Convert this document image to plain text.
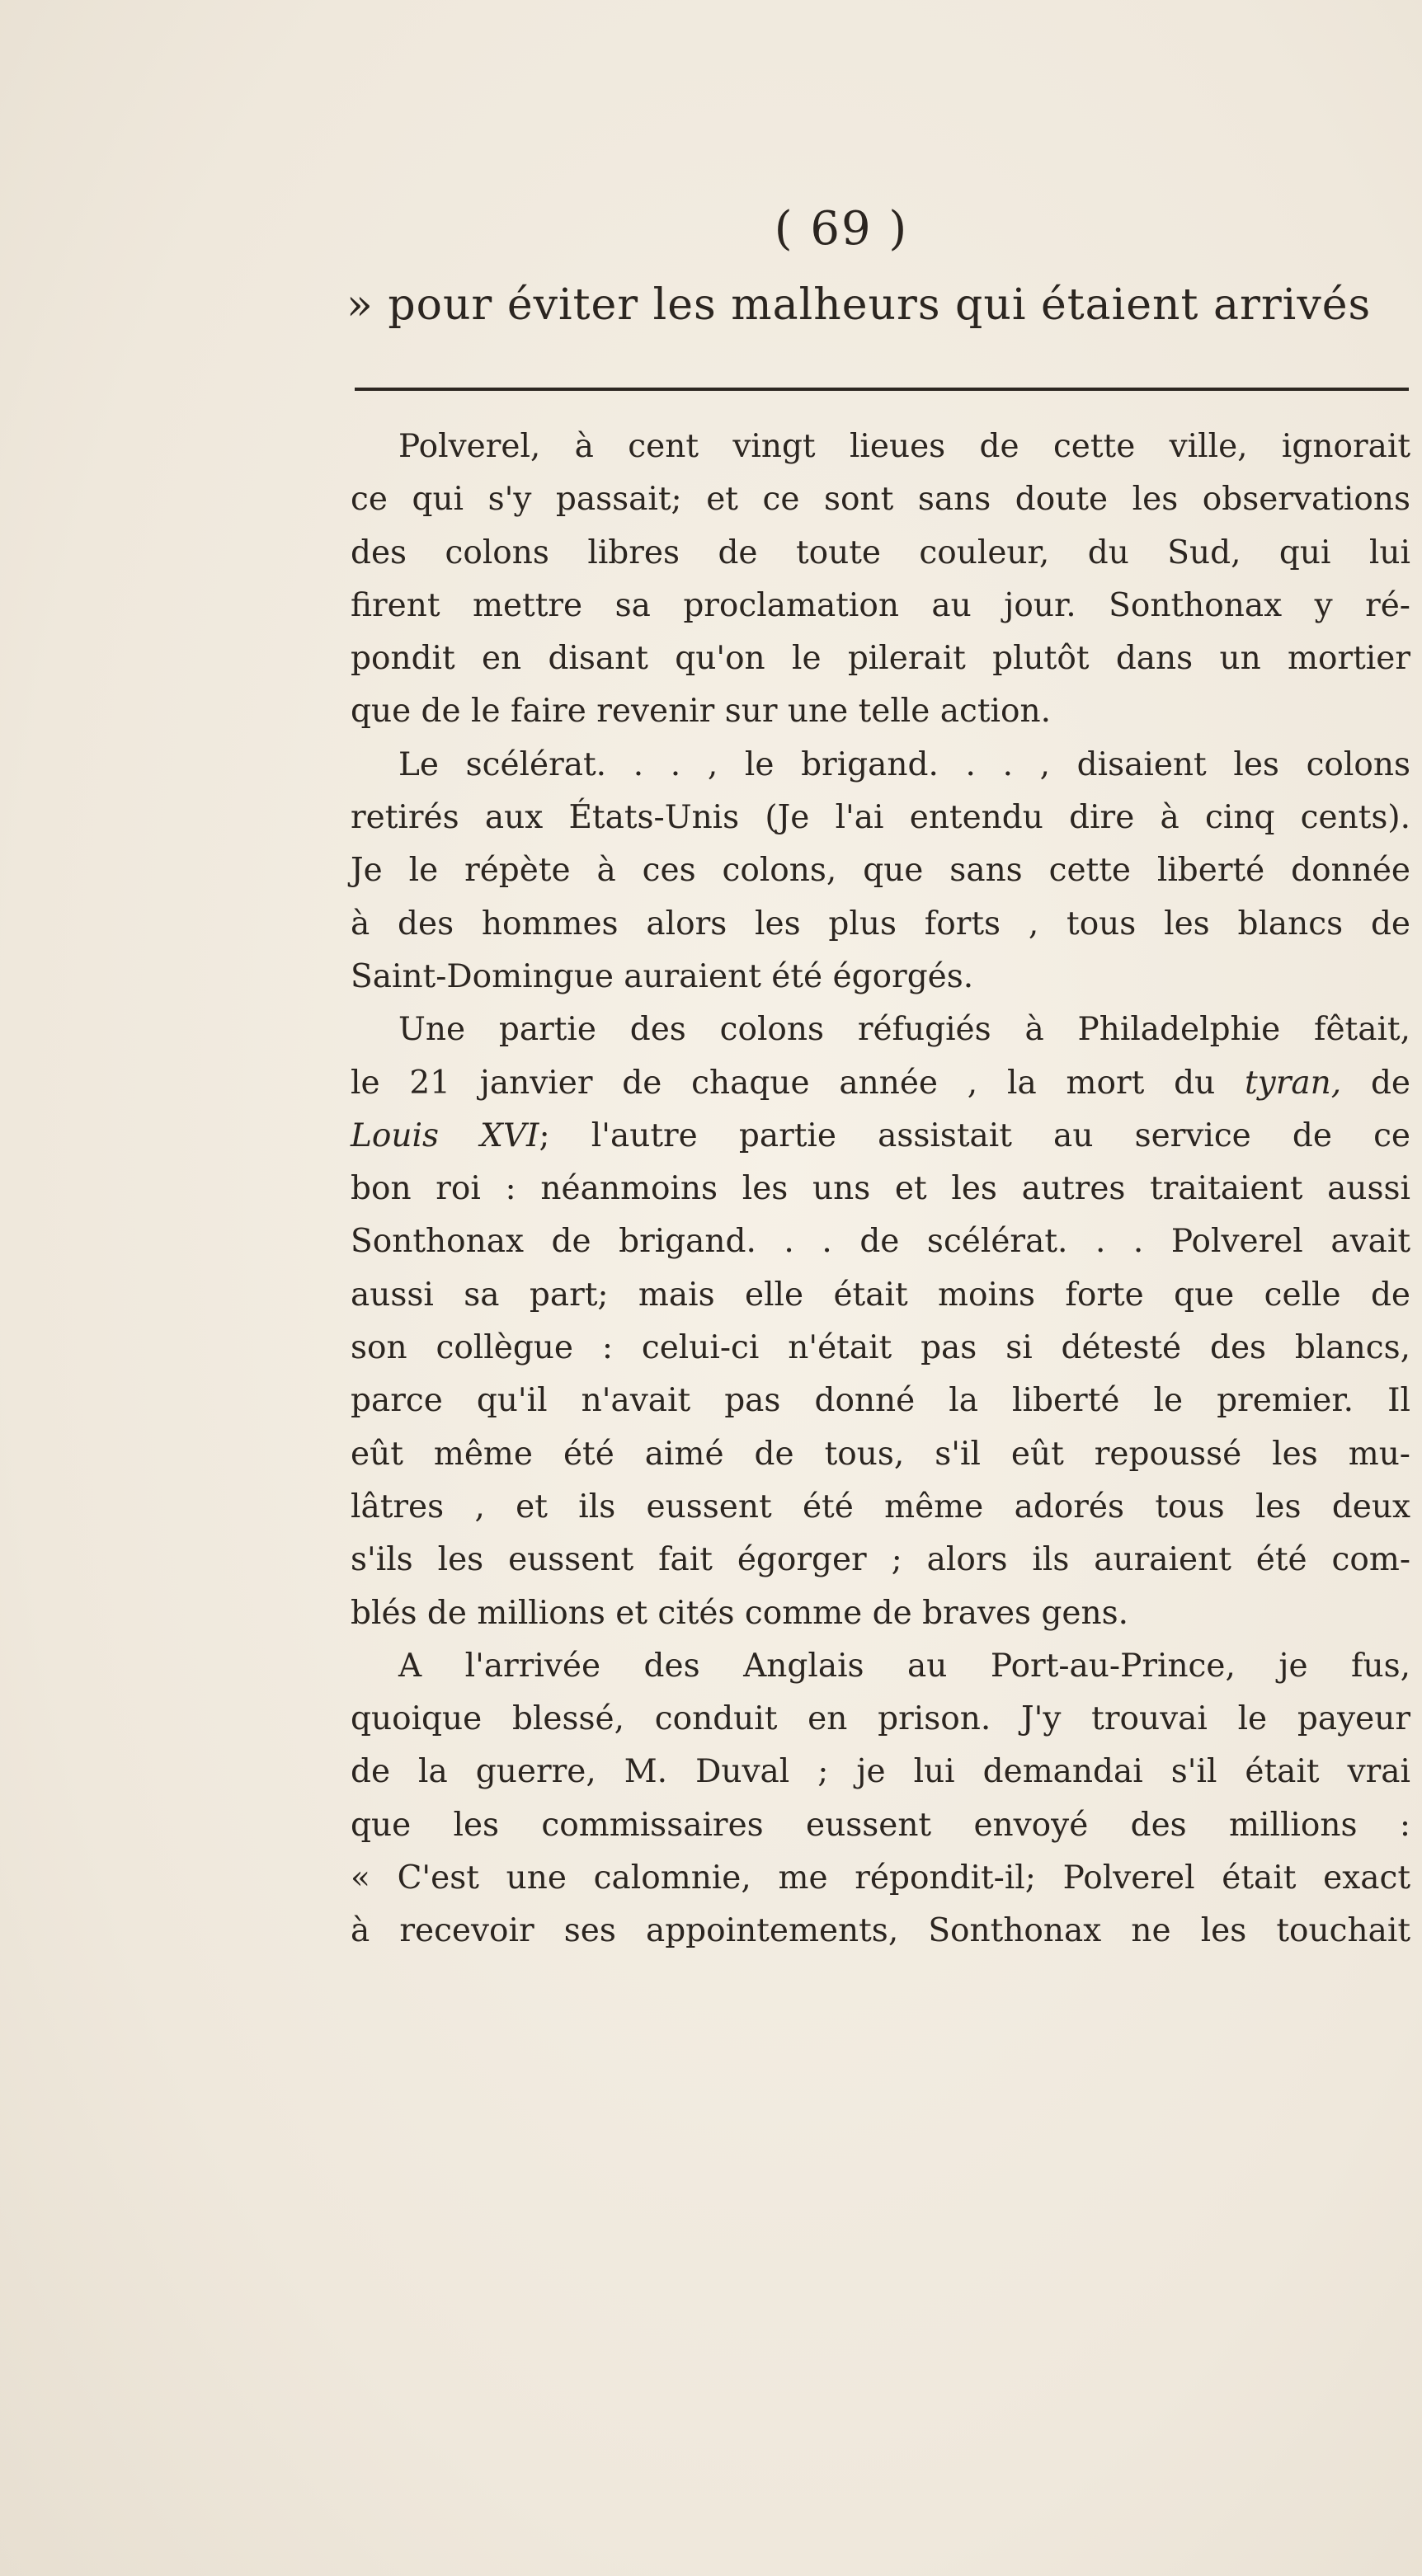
( 69 )
» pour éviter les malheurs qui étaient arrivés
Polverel, à cent vingt lieues de cette ville, ignorait
ce qui s'y passait; et ce sont sans doute les observations
des colons libres de toute couleur, du Sud, qui lui
firent mettre sa proclamation au jour. Sonthonax y ré-
pondit en disant qu'on le pilerait plutôt dans un mortier
que de le faire revenir sur une telle action.
Le scélérat. . . , le brigand. . . , disaient les colons
retirés aux États-Unis (Je l'ai entendu dire à cinq cents).
Je le répète à ces colons, que sans cette liberté donnée
à des hommes alors les plus forts , tous les blancs de
Saint-Domingue auraient été égorgés.
Une partie des colons réfugiés à Philadelphie fêtait,
le 21 janvier de chaque année , la mort du tyran, de
Louis XVI; l'autre partie assistait au service de ce
bon roi : néanmoins les uns et les autres traitaient aussi
Sonthonax de brigand. . . de scélérat. . . Polverel avait
aussi sa part; mais elle était moins forte que celle de
son collègue : celui-ci n'était pas si détesté des blancs,
parce qu'il n'avait pas donné la liberté le premier. Il
eût même été aimé de tous, s'il eût repoussé les mu-
lâtres , et ils eussent été même adorés tous les deux
s'ils les eussent fait égorger ; alors ils auraient été com-
blés de millions et cités comme de braves gens.
A l'arrivée des Anglais au Port-au-Prince, je fus,
quoique blessé, conduit en prison. J'y trouvai le payeur
de la guerre, M. Duval ; je lui demandai s'il était vrai
que les commissaires eussent envoyé des millions :
« C'est une calomnie, me répondit-il; Polverel était exact
à recevoir ses appointements, Sonthonax ne les touchait
